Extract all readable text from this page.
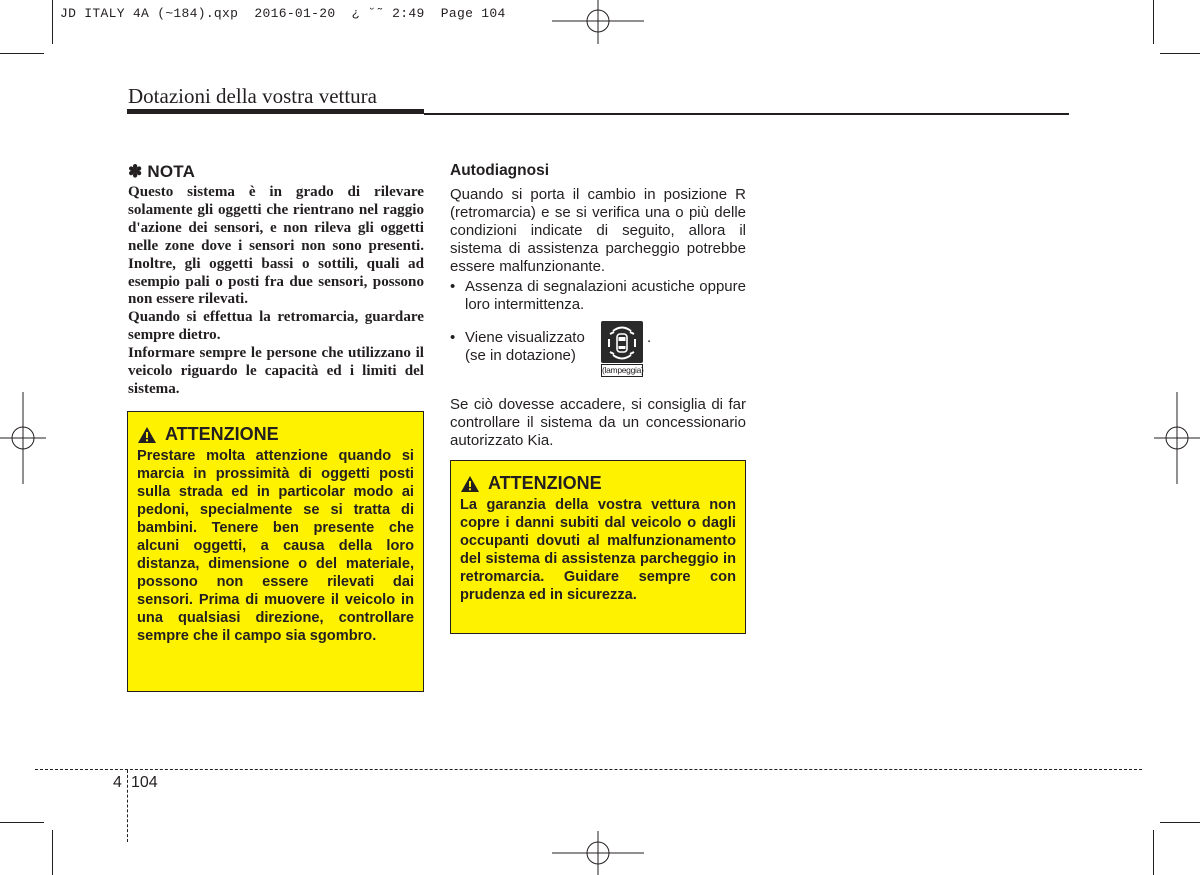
JD ITALY 4A (~184).qxp  2016-01-20  ¿ ˘˜ 2:49  Page 104
Dotazioni della vostra vettura
✽ NOTA

Questo sistema è in grado di rilevare solamente gli oggetti che rientrano nel raggio d'azione dei sensori, e non rileva gli oggetti nelle zone dove i sensori non sono presenti. Inoltre, gli oggetti bassi o sottili, quali ad esempio pali o posti fra due sensori, possono non essere rilevati.

Quando si effettua la retromarcia, guardare sempre dietro.

Informare sempre le persone che utilizzano il veicolo riguardo le capacità ed i limiti del sistema.

ATTENZIONE

Prestare molta attenzione quando si marcia in prossimità di oggetti posti sulla strada ed in particolar modo ai pedoni, specialmente se si tratta di bambini. Tenere ben presente che alcuni oggetti, a causa della loro distanza, dimensione o del materiale, possono non essere rilevati dai sensori. Prima di muovere il veicolo in una qualsiasi direzione, controllare sempre che il campo sia sgombro.

Autodiagnosi

Quando si porta il cambio in posizione R (retromarcia) e se si verifica una o più delle condizioni indicate di seguito, allora il sistema di assistenza parcheggio potrebbe essere malfunzionante.

• Assenza di segnalazioni acustiche oppure loro intermittenza.
• Viene visualizzato
(se in dotazione)
.
(lampeggia)

Se ciò dovesse accadere, si consiglia di far controllare il sistema da un concessionario autorizzato Kia.

ATTENZIONE

La garanzia della vostra vettura non copre i danni subiti dal veicolo o dagli occupanti dovuti al malfunzionamento del sistema di assistenza parcheggio in retromarcia. Guidare sempre con prudenza ed in sicurezza.

4 104
